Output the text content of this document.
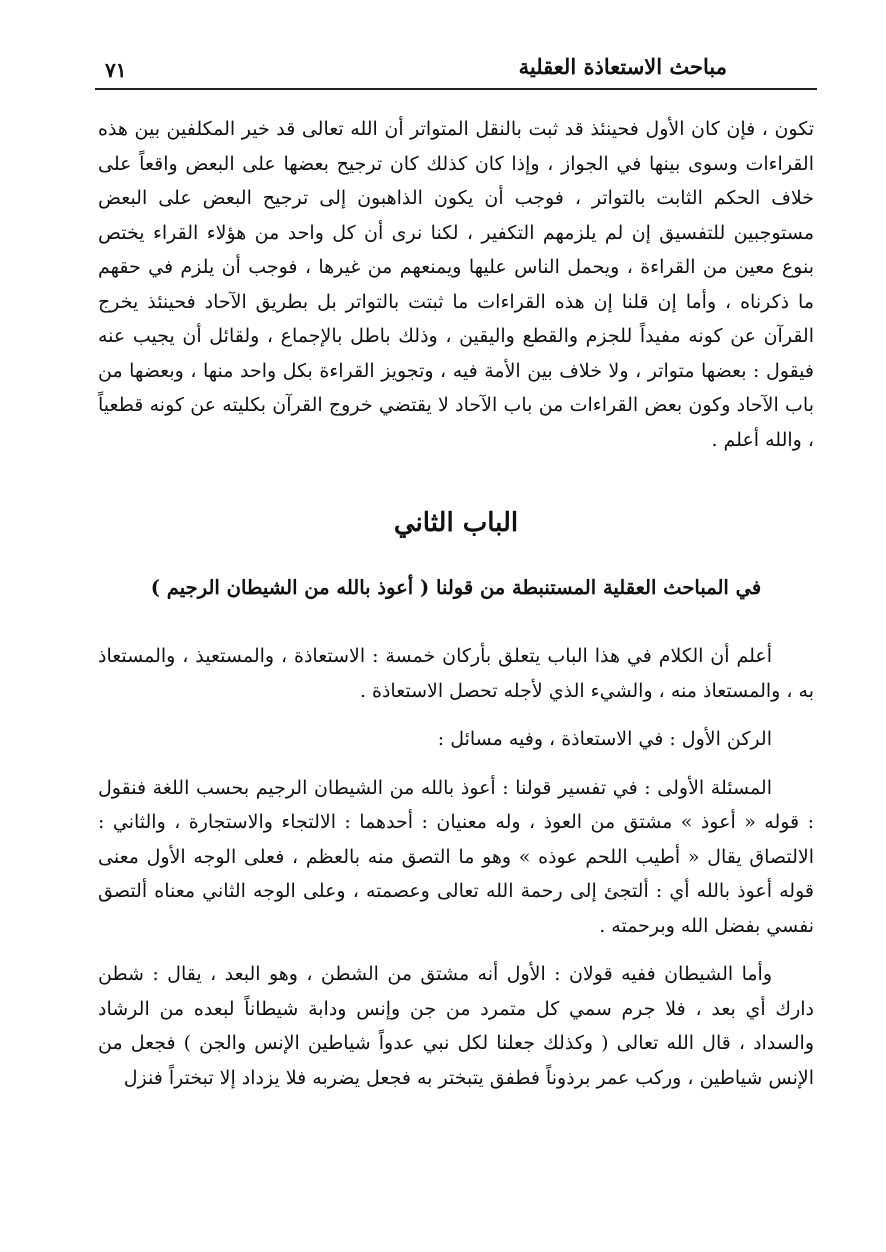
مباحث الاستعاذة العقلية
٧١

تكون ، فإن كان الأول فحينئذ قد ثبت بالنقل المتواتر أن الله تعالى قد خير المكلفين بين هذه القراءات وسوى بينها في الجواز ، وإذا كان كذلك كان ترجيح بعضها على البعض واقعاً على خلاف الحكم الثابت بالتواتر ، فوجب أن يكون الذاهبون إلى ترجيح البعض على البعض مستوجبين للتفسيق إن لم يلزمهم التكفير ، لكنا نرى أن كل واحد من هؤلاء القراء يختص بنوع معين من القراءة ، ويحمل الناس عليها ويمنعهم من غيرها ، فوجب أن يلزم في حقهم ما ذكرناه ، وأما إن قلنا إن هذه القراءات ما ثبتت بالتواتر بل بطريق الآحاد فحينئذ يخرج القرآن عن كونه مفيداً للجزم والقطع واليقين ، وذلك باطل بالإجماع ، ولقائل أن يجيب عنه فيقول : بعضها متواتر ، ولا خلاف بين الأمة فيه ، وتجويز القراءة بكل واحد منها ، وبعضها من باب الآحاد وكون بعض القراءات من باب الآحاد لا يقتضي خروج القرآن بكليته عن كونه قطعياً ، والله أعلم .

الباب الثاني
في المباحث العقلية المستنبطة من قولنا ( أعوذ بالله من الشيطان الرجيم )

أعلم أن الكلام في هذا الباب يتعلق بأركان خمسة : الاستعاذة ، والمستعيذ ، والمستعاذ به ، والمستعاذ منه ، والشيء الذي لأجله تحصل الاستعاذة .

الركن الأول : في الاستعاذة ، وفيه مسائل :

المسئلة الأولى : في تفسير قولنا : أعوذ بالله من الشيطان الرجيم بحسب اللغة فنقول : قوله « أعوذ » مشتق من العوذ ، وله معنيان : أحدهما : الالتجاء والاستجارة ، والثاني : الالتصاق يقال « أطيب اللحم عوذه » وهو ما التصق منه بالعظم ، فعلى الوجه الأول معنى قوله أعوذ بالله أي : ألتجئ إلى رحمة الله تعالى وعصمته ، وعلى الوجه الثاني معناه ألتصق نفسي بفضل الله وبرحمته .

وأما الشيطان ففيه قولان : الأول أنه مشتق من الشطن ، وهو البعد ، يقال : شطن دارك أي بعد ، فلا جرم سمي كل متمرد من جن وإنس ودابة شيطاناً لبعده من الرشاد والسداد ، قال الله تعالى ( وكذلك جعلنا لكل نبي عدواً شياطين الإنس والجن ) فجعل من الإنس شياطين ، وركب عمر برذوناً فطفق يتبختر به فجعل يضربه فلا يزداد إلا تبختراً فنزل
